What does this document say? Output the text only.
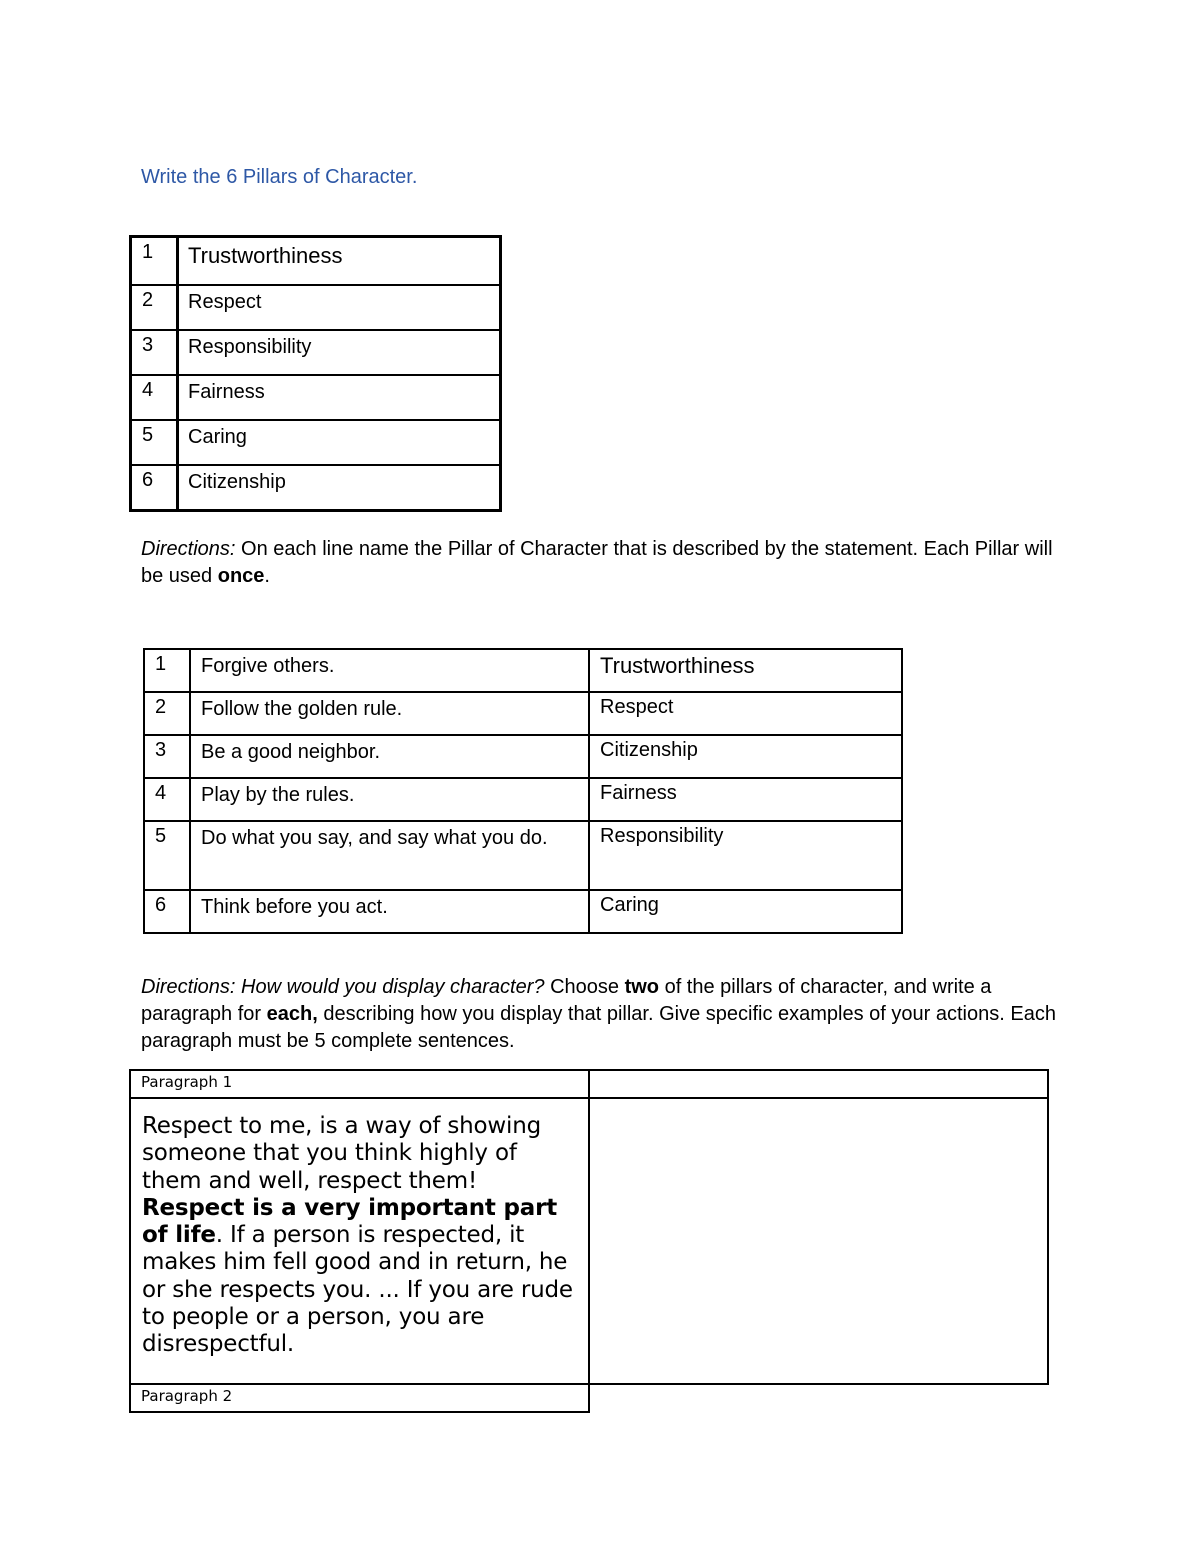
Write the 6 Pillars of Character.
1	Trustworthiness
2	Respect
3	Responsibility
4	Fairness
5	Caring
6	Citizenship
Directions: On each line name the Pillar of Character that is described by the statement. Each Pillar will be used once.
1	Forgive others.	Trustworthiness
2	Follow the golden rule.	Respect
3	Be a good neighbor.	Citizenship
4	Play by the rules.	Fairness
5	Do what you say, and say what you do.	Responsibility
6	Think before you act.	Caring
Directions: How would you display character? Choose two of the pillars of character, and write a paragraph for each, describing how you display that pillar. Give specific examples of your actions. Each paragraph must be 5 complete sentences.
Paragraph 1	
Respect to me, is a way of showing someone that you think highly of them and well, respect them! Respect is a very important part of life. If a person is respected, it makes him fell good and in return, he or she respects you. ... If you are rude to people or a person, you are disrespectful.	
Paragraph 2	
